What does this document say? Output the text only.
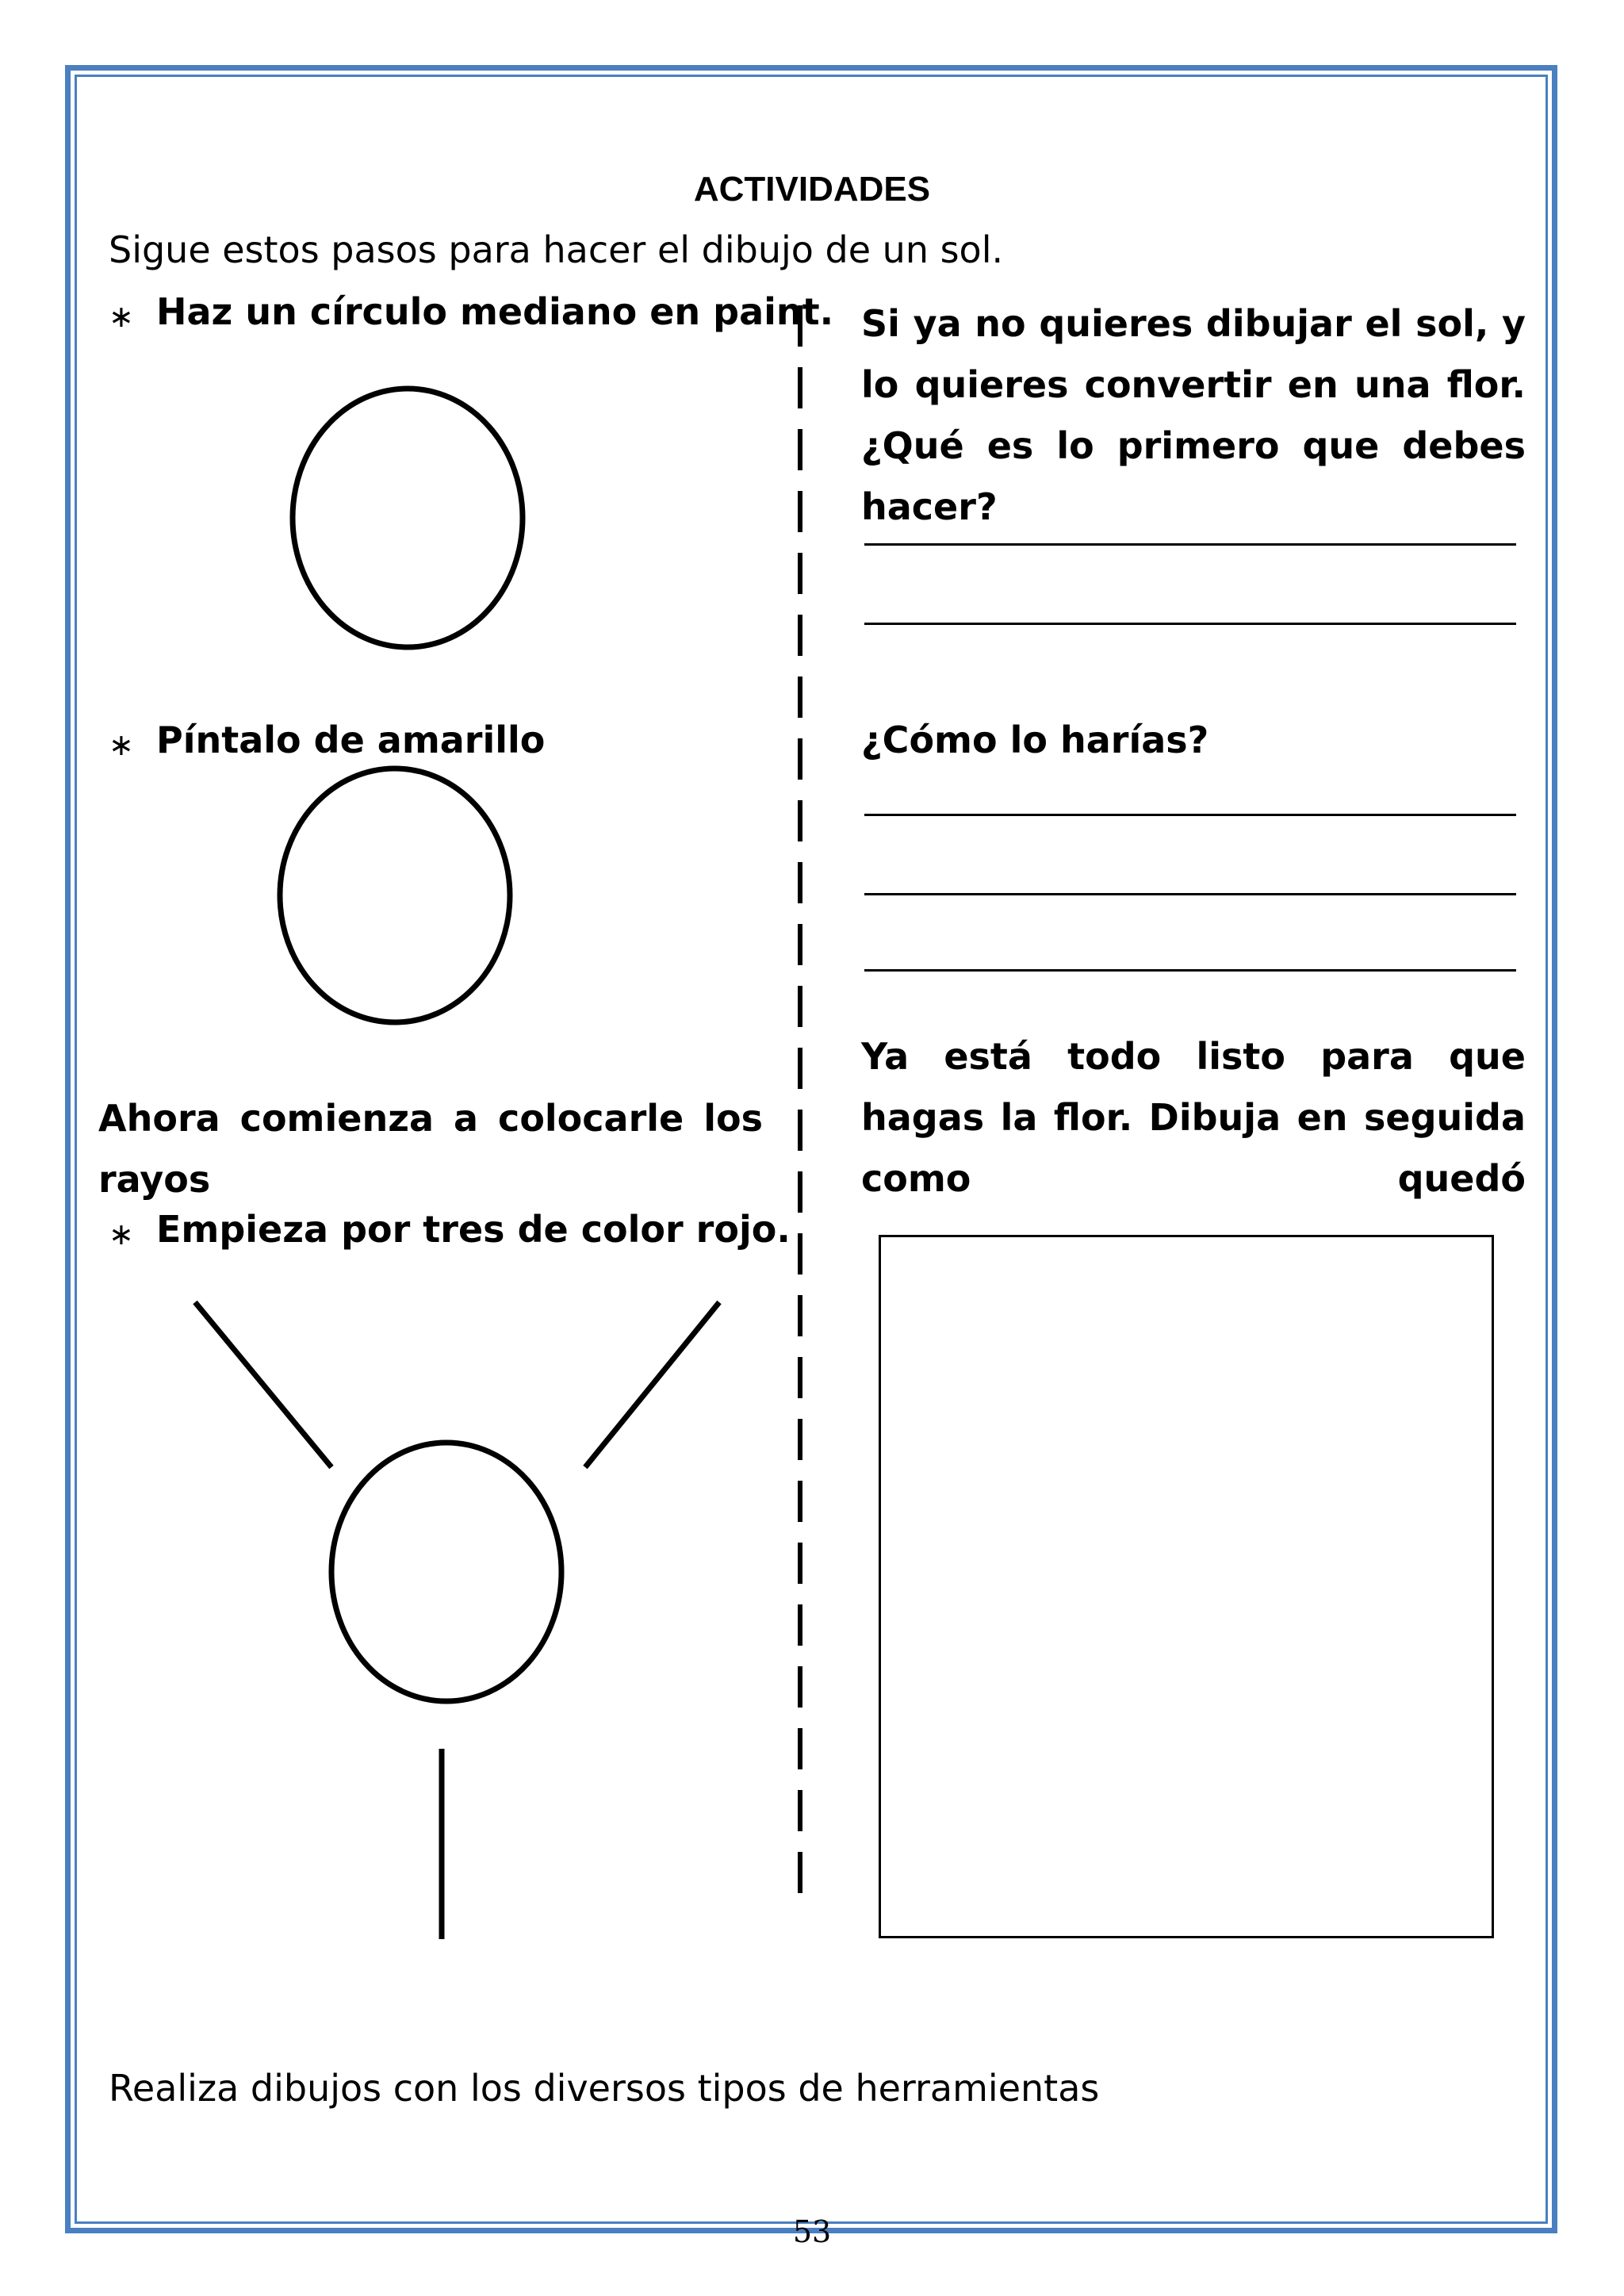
ACTIVIDADES
Sigue estos pasos para hacer el dibujo de un sol.
∗ Haz un círculo mediano en paint.
∗ Píntalo de amarillo
Ahora comienza a colocarle los rayos
∗ Empieza por tres de color rojo.
Si ya no quieres dibujar el sol, y lo quieres convertir en una flor. ¿Qué es lo primero que debes hacer?
¿Cómo lo harías?
Ya está todo listo para que hagas la flor. Dibuja en seguida como quedó
Realiza dibujos con los diversos tipos de herramientas
53
